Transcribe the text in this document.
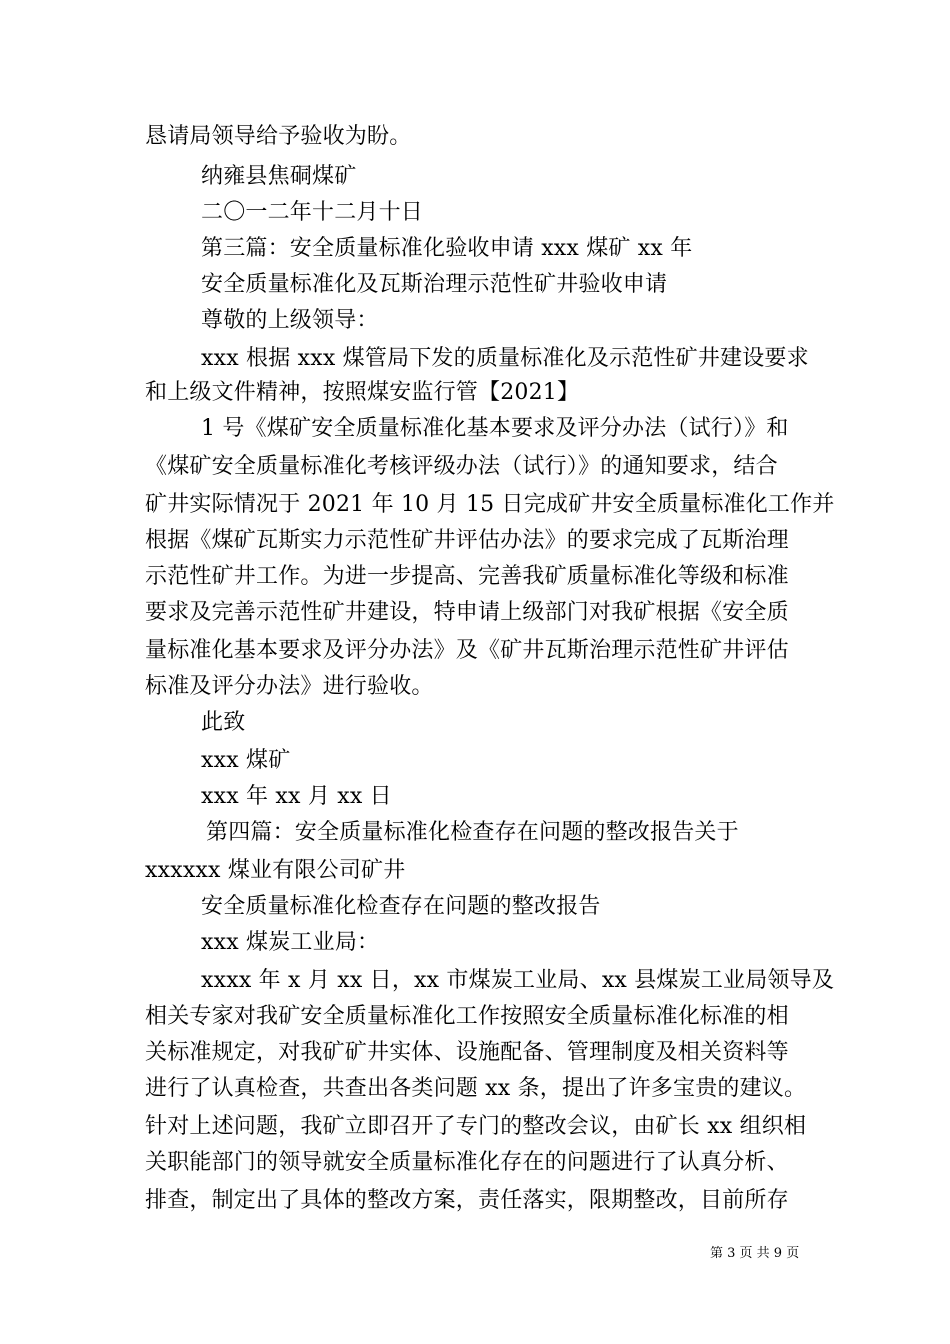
恳请局领导给予验收为盼。
纳雍县焦硐煤矿
二〇一二年十二月十日
第三篇：安全质量标准化验收申请 xxx 煤矿 xx 年
安全质量标准化及瓦斯治理示范性矿井验收申请
尊敬的上级领导：
xxx 根据 xxx 煤管局下发的质量标准化及示范性矿井建设要求
和上级文件精神，按照煤安监行管【2021】
1 号《煤矿安全质量标准化基本要求及评分办法（试行）》和
《煤矿安全质量标准化考核评级办法（试行）》的通知要求，结合
矿井实际情况于 2021 年 10 月 15 日完成矿井安全质量标准化工作并
根据《煤矿瓦斯实力示范性矿井评估办法》的要求完成了瓦斯治理
示范性矿井工作。为进一步提高、完善我矿质量标准化等级和标准
要求及完善示范性矿井建设，特申请上级部门对我矿根据《安全质
量标准化基本要求及评分办法》及《矿井瓦斯治理示范性矿井评估
标准及评分办法》进行验收。
此致
xxx 煤矿
xxx 年 xx 月 xx 日
第四篇：安全质量标准化检查存在问题的整改报告关于
xxxxxx 煤业有限公司矿井
安全质量标准化检查存在问题的整改报告
xxx 煤炭工业局：
xxxx 年 x 月 xx 日，xx 市煤炭工业局、xx 县煤炭工业局领导及
相关专家对我矿安全质量标准化工作按照安全质量标准化标准的相
关标准规定，对我矿矿井实体、设施配备、管理制度及相关资料等
进行了认真检查，共查出各类问题 xx 条，提出了许多宝贵的建议。
针对上述问题，我矿立即召开了专门的整改会议，由矿长 xx 组织相
关职能部门的领导就安全质量标准化存在的问题进行了认真分析、
排查，制定出了具体的整改方案，责任落实，限期整改，目前所存
第 3 页 共 9 页
